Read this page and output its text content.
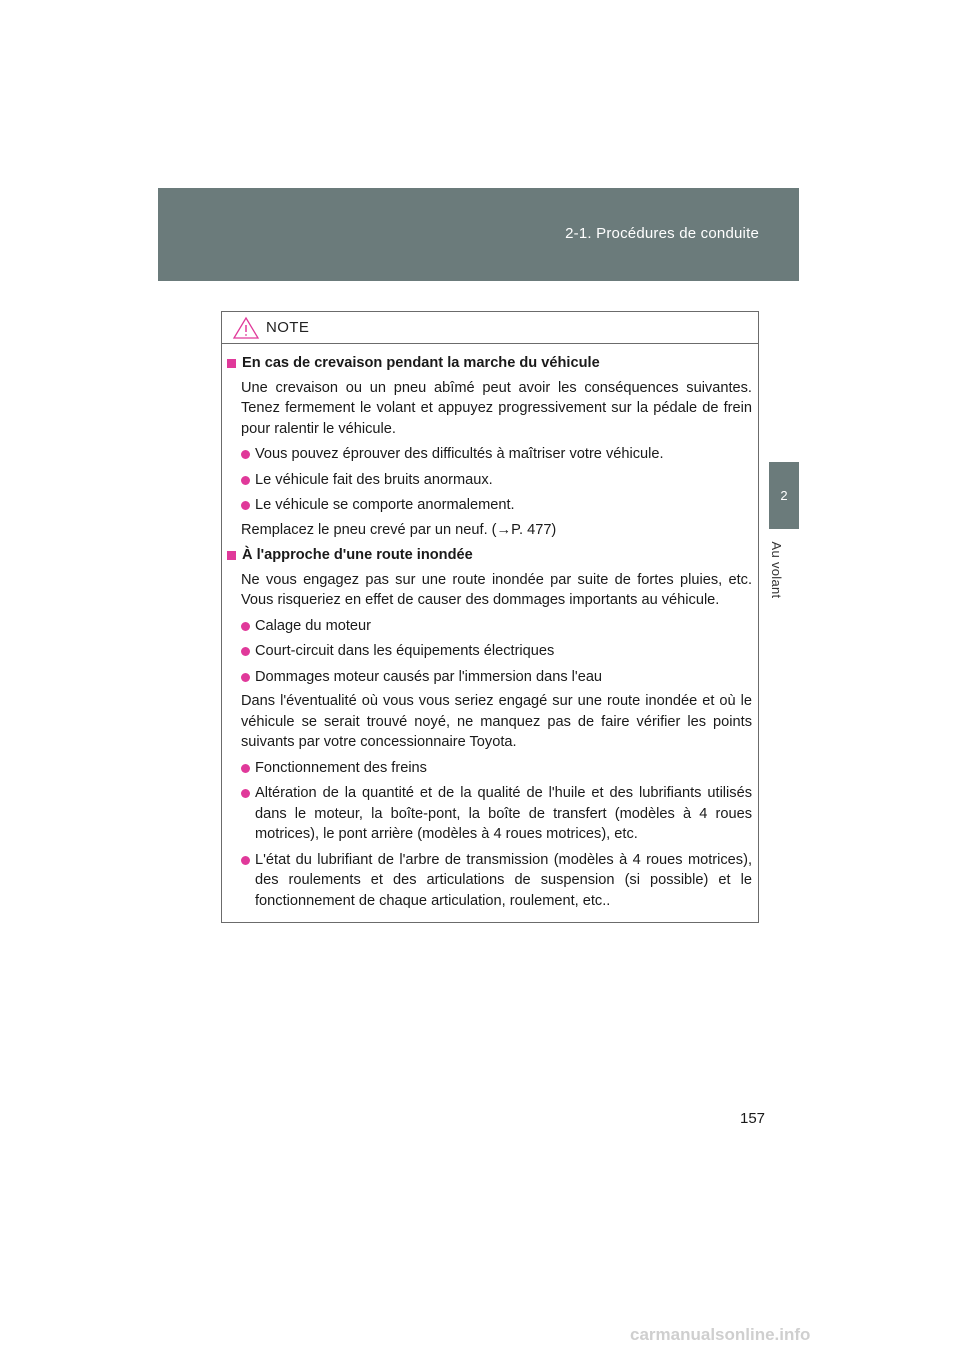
2-1. Procédures de conduite
2
Au volant
NOTE
En cas de crevaison pendant la marche du véhicule
Une crevaison ou un pneu abîmé peut avoir les conséquences suivantes. Tenez fermement le volant et appuyez progressivement sur la pédale de frein pour ralentir le véhicule.
Vous pouvez éprouver des difficultés à maîtriser votre véhicule.
Le véhicule fait des bruits anormaux.
Le véhicule se comporte anormalement.
Remplacez le pneu crevé par un neuf. (→P. 477)
À l'approche d'une route inondée
Ne vous engagez pas sur une route inondée par suite de fortes pluies, etc. Vous risqueriez en effet de causer des dommages importants au véhicule.
Calage du moteur
Court-circuit dans les équipements électriques
Dommages moteur causés par l'immersion dans l'eau
Dans l'éventualité où vous vous seriez engagé sur une route inondée et où le véhicule se serait trouvé noyé, ne manquez pas de faire vérifier les points suivants par votre concessionnaire Toyota.
Fonctionnement des freins
Altération de la quantité et de la qualité de l'huile et des lubrifiants utilisés dans le moteur, la boîte-pont, la boîte de transfert (modèles à 4 roues motrices), le pont arrière (modèles à 4 roues motrices), etc.
L'état du lubrifiant de l'arbre de transmission (modèles à 4 roues motrices), des roulements et des articulations de suspension (si possible) et le fonctionnement de chaque articulation, roulement, etc..
157
carmanualsonline.info
